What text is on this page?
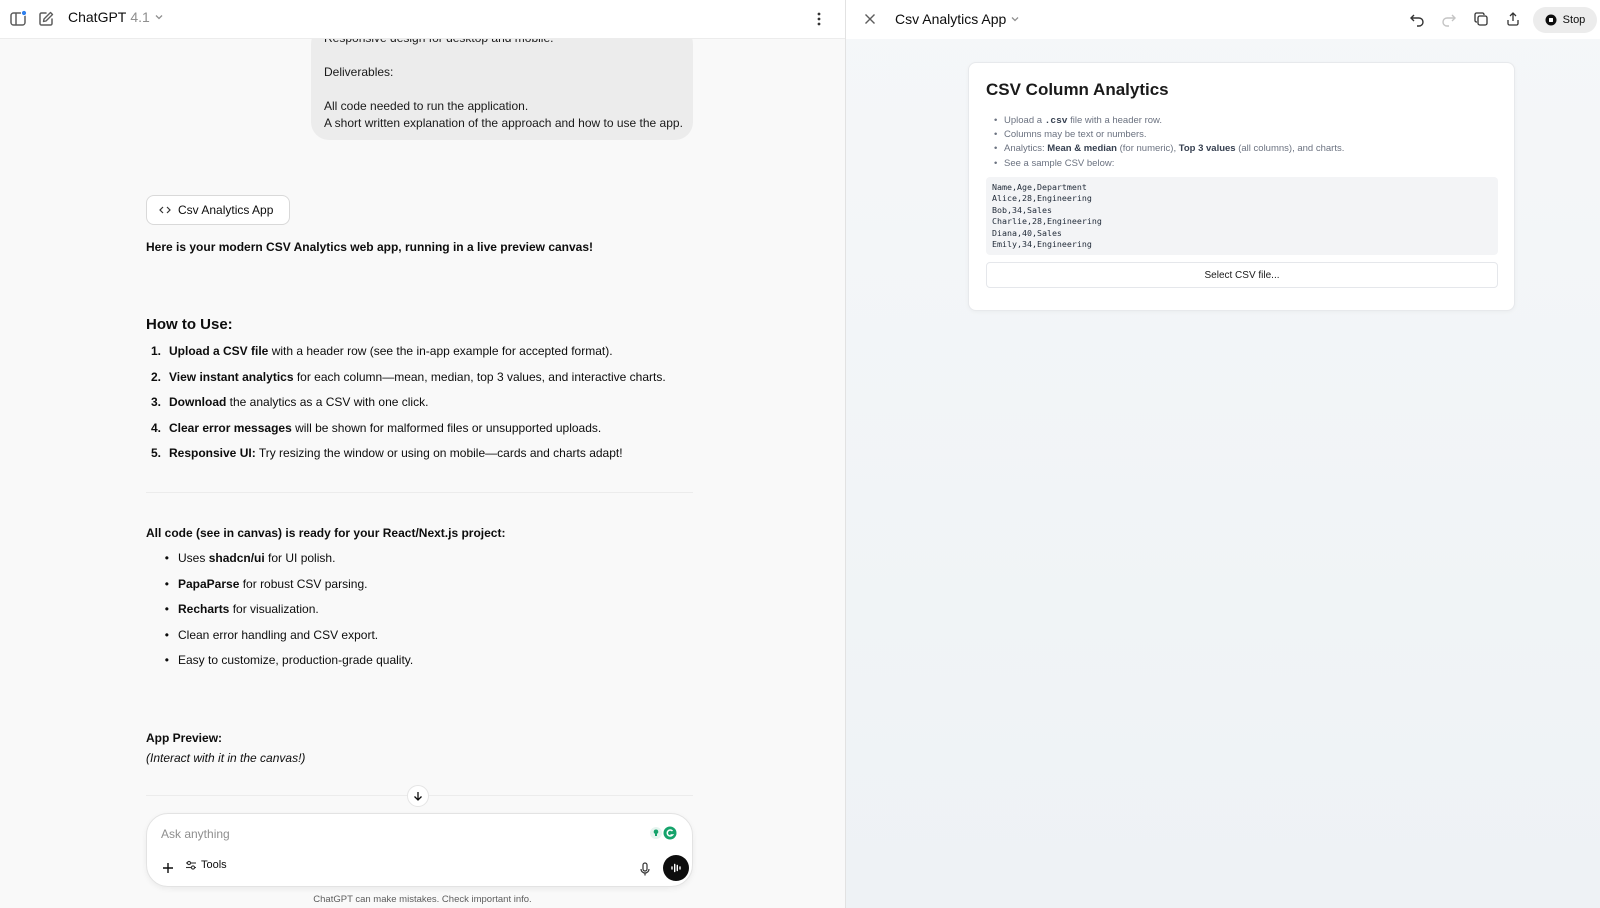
ChatGPT 4.1

Deliverables:

All code needed to run the application.

A short written explanation of the approach and how to use the app.

Csv Analytics App

Here is your modern CSV Analytics web app, running in a live preview canvas!

How to Use:
1. Upload a CSV file with a header row (see the in-app example for accepted format).
2. View instant analytics for each column—mean, median, top 3 values, and interactive charts.
3. Download the analytics as a CSV with one click.
4. Clear error messages will be shown for malformed files or unsupported uploads.
5. Responsive UI: Try resizing the window or using on mobile—cards and charts adapt!

All code (see in canvas) is ready for your React/Next.js project:

• Uses shadcn/ui for UI polish.
• PapaParse for robust CSV parsing.
• Recharts for visualization.
• Clean error handling and CSV export.
• Easy to customize, production-grade quality.

App Preview:

(Interact with it in the canvas!)

Ask anything
Tools

ChatGPT can make mistakes. Check important info.

Csv Analytics App	Stop
CSV Column Analytics
• Upload a .csv file with a header row.
• Columns may be text or numbers.
• Analytics: Mean & median (for numeric), Top 3 values (all columns), and charts.
• See a sample CSV below:
Name,Age,Department
Alice,28,Engineering
Bob,34,Sales
Charlie,28,Engineering
Diana,40,Sales
Emily,34,Engineering
Select CSV file...
